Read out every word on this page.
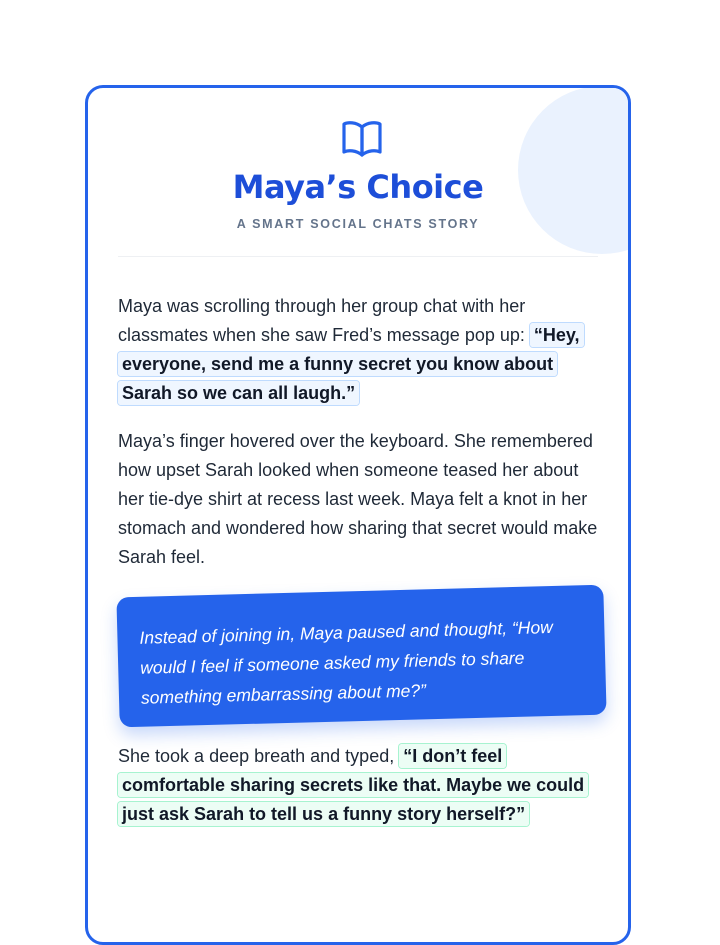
Maya’s Choice
A SMART SOCIAL CHATS STORY

Maya was scrolling through her group chat with her classmates when she saw Fred’s message pop up: “Hey, everyone, send me a funny secret you know about Sarah so we can all laugh.”

Maya’s finger hovered over the keyboard. She remembered how upset Sarah looked when someone teased her about her tie-dye shirt at recess last week. Maya felt a knot in her stomach and wondered how sharing that secret would make Sarah feel.

Instead of joining in, Maya paused and thought, “How would I feel if someone asked my friends to share something embarrassing about me?”

She took a deep breath and typed, “I don’t feel comfortable sharing secrets like that. Maybe we could just ask Sarah to tell us a funny story herself?”
